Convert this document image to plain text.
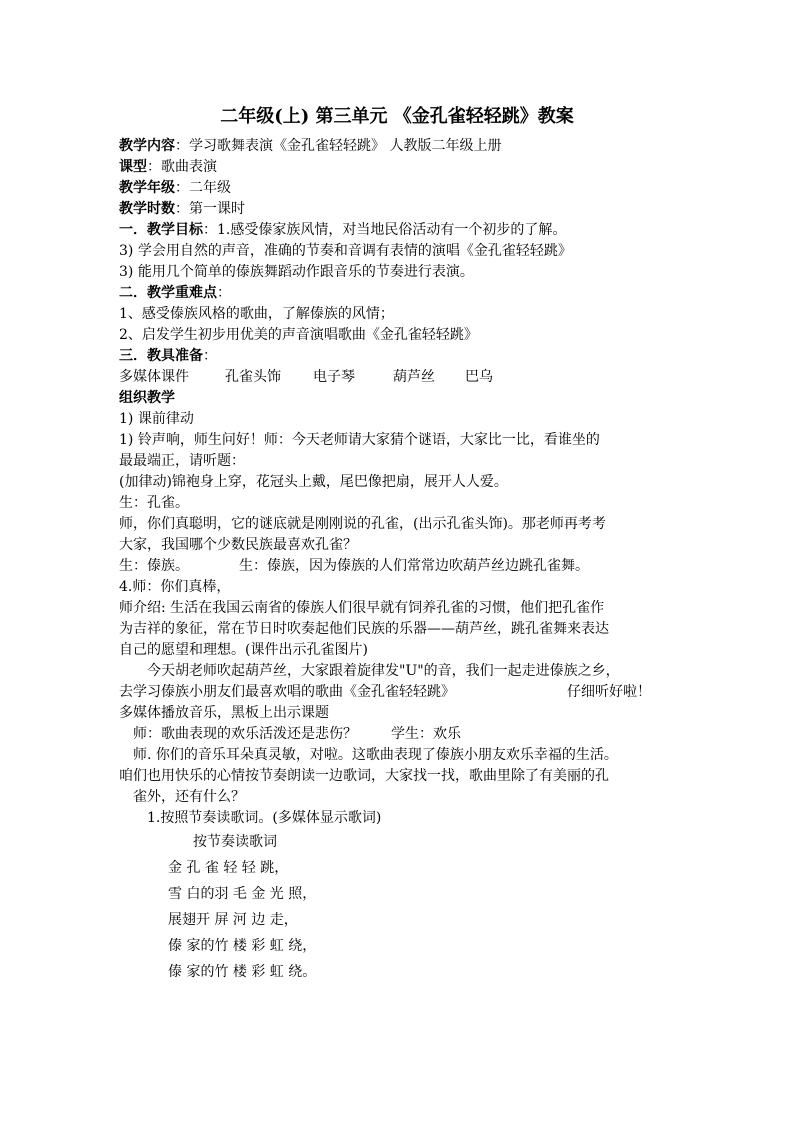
二年级(上) 第三单元 《金孔雀轻轻跳》教案
教学内容：学习歌舞表演《金孔雀轻轻跳》 人教版二年级上册
课型：歌曲表演
教学年级：二年级
教学时数：第一课时
一．教学目标：1.感受傣家族风情，对当地民俗活动有一个初步的了解。
3) 学会用自然的声音，准确的节奏和音调有表情的演唱《金孔雀轻轻跳》
3) 能用几个简单的傣族舞蹈动作跟音乐的节奏进行表演。
二．教学重难点：
1、感受傣族风格的歌曲，了解傣族的风情；
2、启发学生初步用优美的声音演唱歌曲《金孔雀轻轻跳》
三．教具准备：
多媒体课件	孔雀头饰 电子琴	葫芦丝 巴乌
组织教学
1) 课前律动
1) 铃声响，师生问好！师：今天老师请大家猜个谜语，大家比一比，看谁坐的
最最端正，请听题：
(加律动)锦袍身上穿，花冠头上戴，尾巴像把扇，展开人人爱。
生：孔雀。
师，你们真聪明，它的谜底就是刚刚说的孔雀，(出示孔雀头饰)。那老师再考考
大家，我国哪个少数民族最喜欢孔雀？
生：傣族。	生：傣族，因为傣族的人们常常边吹葫芦丝边跳孔雀舞。
4.师：你们真棒，
师介绍: 生活在我国云南省的傣族人们很早就有饲养孔雀的习惯，他们把孔雀作
为吉祥的象征，常在节日时吹奏起他们民族的乐器——葫芦丝，跳孔雀舞来表达
自己的愿望和理想。(课件出示孔雀图片)
今天胡老师吹起葫芦丝，大家跟着旋律发"U"的音，我们一起走进傣族之乡，
去学习傣族小朋友们最喜欢唱的歌曲《金孔雀轻轻跳》	仔细听好啦！
多媒体播放音乐，黑板上出示课题
师：歌曲表现的欢乐活泼还是悲伤？ 学生：欢乐
师. 你们的音乐耳朵真灵敏，对啦。这歌曲表现了傣族小朋友欢乐幸福的生活。
咱们也用快乐的心情按节奏朗读一边歌词，大家找一找，歌曲里除了有美丽的孔
雀外，还有什么？
1.按照节奏读歌词。(多媒体显示歌词)
按节奏读歌词
金 孔 雀 轻 轻 跳，
雪 白的羽 毛 金 光 照，
展翅开 屏 河 边 走，
傣 家的竹 楼 彩 虹 绕，
傣 家的竹 楼 彩 虹 绕。
